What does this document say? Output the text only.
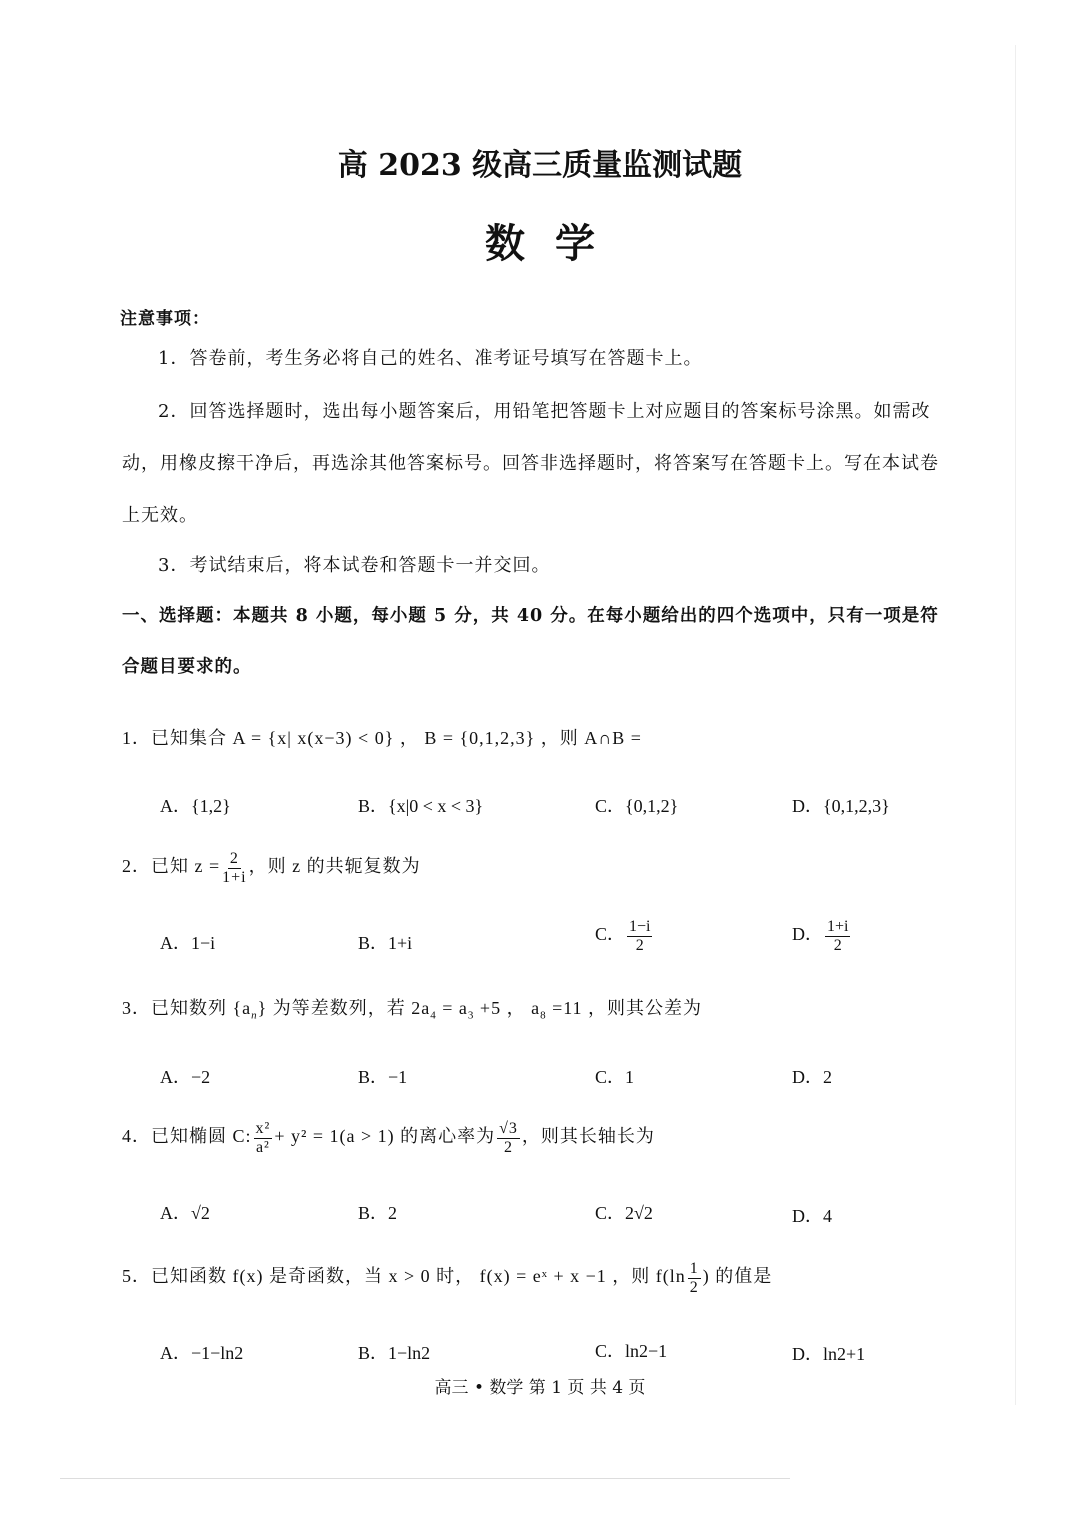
高 2023 级高三质量监测试题
数学
注意事项：
1．答卷前，考生务必将自己的姓名、准考证号填写在答题卡上。
2．回答选择题时，选出每小题答案后，用铅笔把答题卡上对应题目的答案标号涂黑。如需改
动，用橡皮擦干净后，再选涂其他答案标号。回答非选择题时，将答案写在答题卡上。写在本试卷
上无效。
3．考试结束后，将本试卷和答题卡一并交回。
一、选择题：本题共 8 小题，每小题 5 分，共 40 分。在每小题给出的四个选项中，只有一项是符
合题目要求的。
1．已知集合 A = {x| x(x−3) < 0} ， B = {0,1,2,3} ，则 A∩B =
A．{1,2}	B．{x|0 < x < 3}	C．{0,1,2}	D．{0,1,2,3}
2．已知 $z = \frac{2}{1+i}$ ，则 z 的共轭复数为
A．1−i	B．1+i	C． $\frac{1-i}{2}$	D． $\frac{1+i}{2}$
3．已知数列 $\{a_n\}$ 为等差数列，若 $2a_4 = a_3 +5$ ， $a_8 =11$ ，则其公差为
A．−2	B．−1	C．1	D．2
4．已知椭圆 C: $\frac{\text{x²}}{\text{a²}} + y^2 = 1(a > 1)$ 的离心率为 $\frac{√3}{2}$ ，则其长轴长为
A．√2	B．2	C．2√2	D．4
5．已知函数 f(x) 是奇函数，当 x > 0 时， f(x) = eˣ + x −1 ，则 $f(\ln \frac{1}{2}$ ) 的值是
A．−1−ln2	B．1−ln2	C．ln2−1	D．ln2+1
高三 • 数学 第 1 页 共 4 页
